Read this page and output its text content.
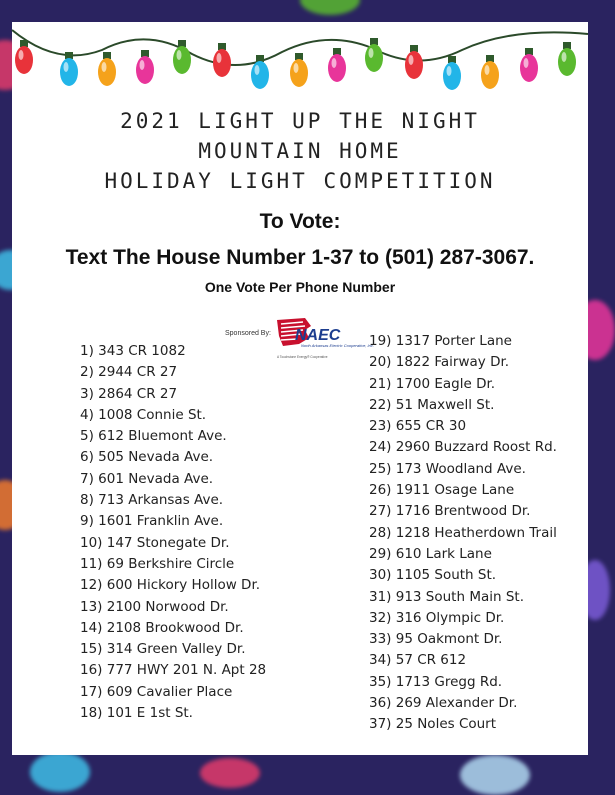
2021 LIGHT UP THE NIGHT
MOUNTAIN HOME
HOLIDAY LIGHT COMPETITION
To Vote:
Text The House Number 1-37 to (501) 287-3067.
One Vote Per Phone Number
Sponsored By: NAEC
North Arkansas Electric Cooperative, Inc.
A Touchstone Energy® Cooperative
1) 343 CR 1082
2) 2944 CR 27
3) 2864 CR 27
4) 1008 Connie St.
5) 612 Bluemont Ave.
6) 505 Nevada Ave.
7) 601 Nevada Ave.
8) 713 Arkansas Ave.
9) 1601 Franklin Ave.
10) 147 Stonegate Dr.
11) 69 Berkshire Circle
12) 600 Hickory Hollow Dr.
13) 2100 Norwood Dr.
14) 2108 Brookwood Dr.
15) 314 Green Valley Dr.
16) 777 HWY 201 N. Apt 28
17) 609 Cavalier Place
18) 101 E 1st St.
19) 1317 Porter Lane
20) 1822 Fairway Dr.
21) 1700 Eagle Dr.
22) 51 Maxwell St.
23) 655 CR 30
24) 2960 Buzzard Roost Rd.
25) 173 Woodland Ave.
26) 1911 Osage Lane
27) 1716 Brentwood Dr.
28) 1218 Heatherdown Trail
29) 610 Lark Lane
30) 1105 South St.
31) 913 South Main St.
32) 316 Olympic Dr.
33) 95 Oakmont Dr.
34) 57 CR 612
35) 1713 Gregg Rd.
36) 269 Alexander Dr.
37) 25 Noles Court
